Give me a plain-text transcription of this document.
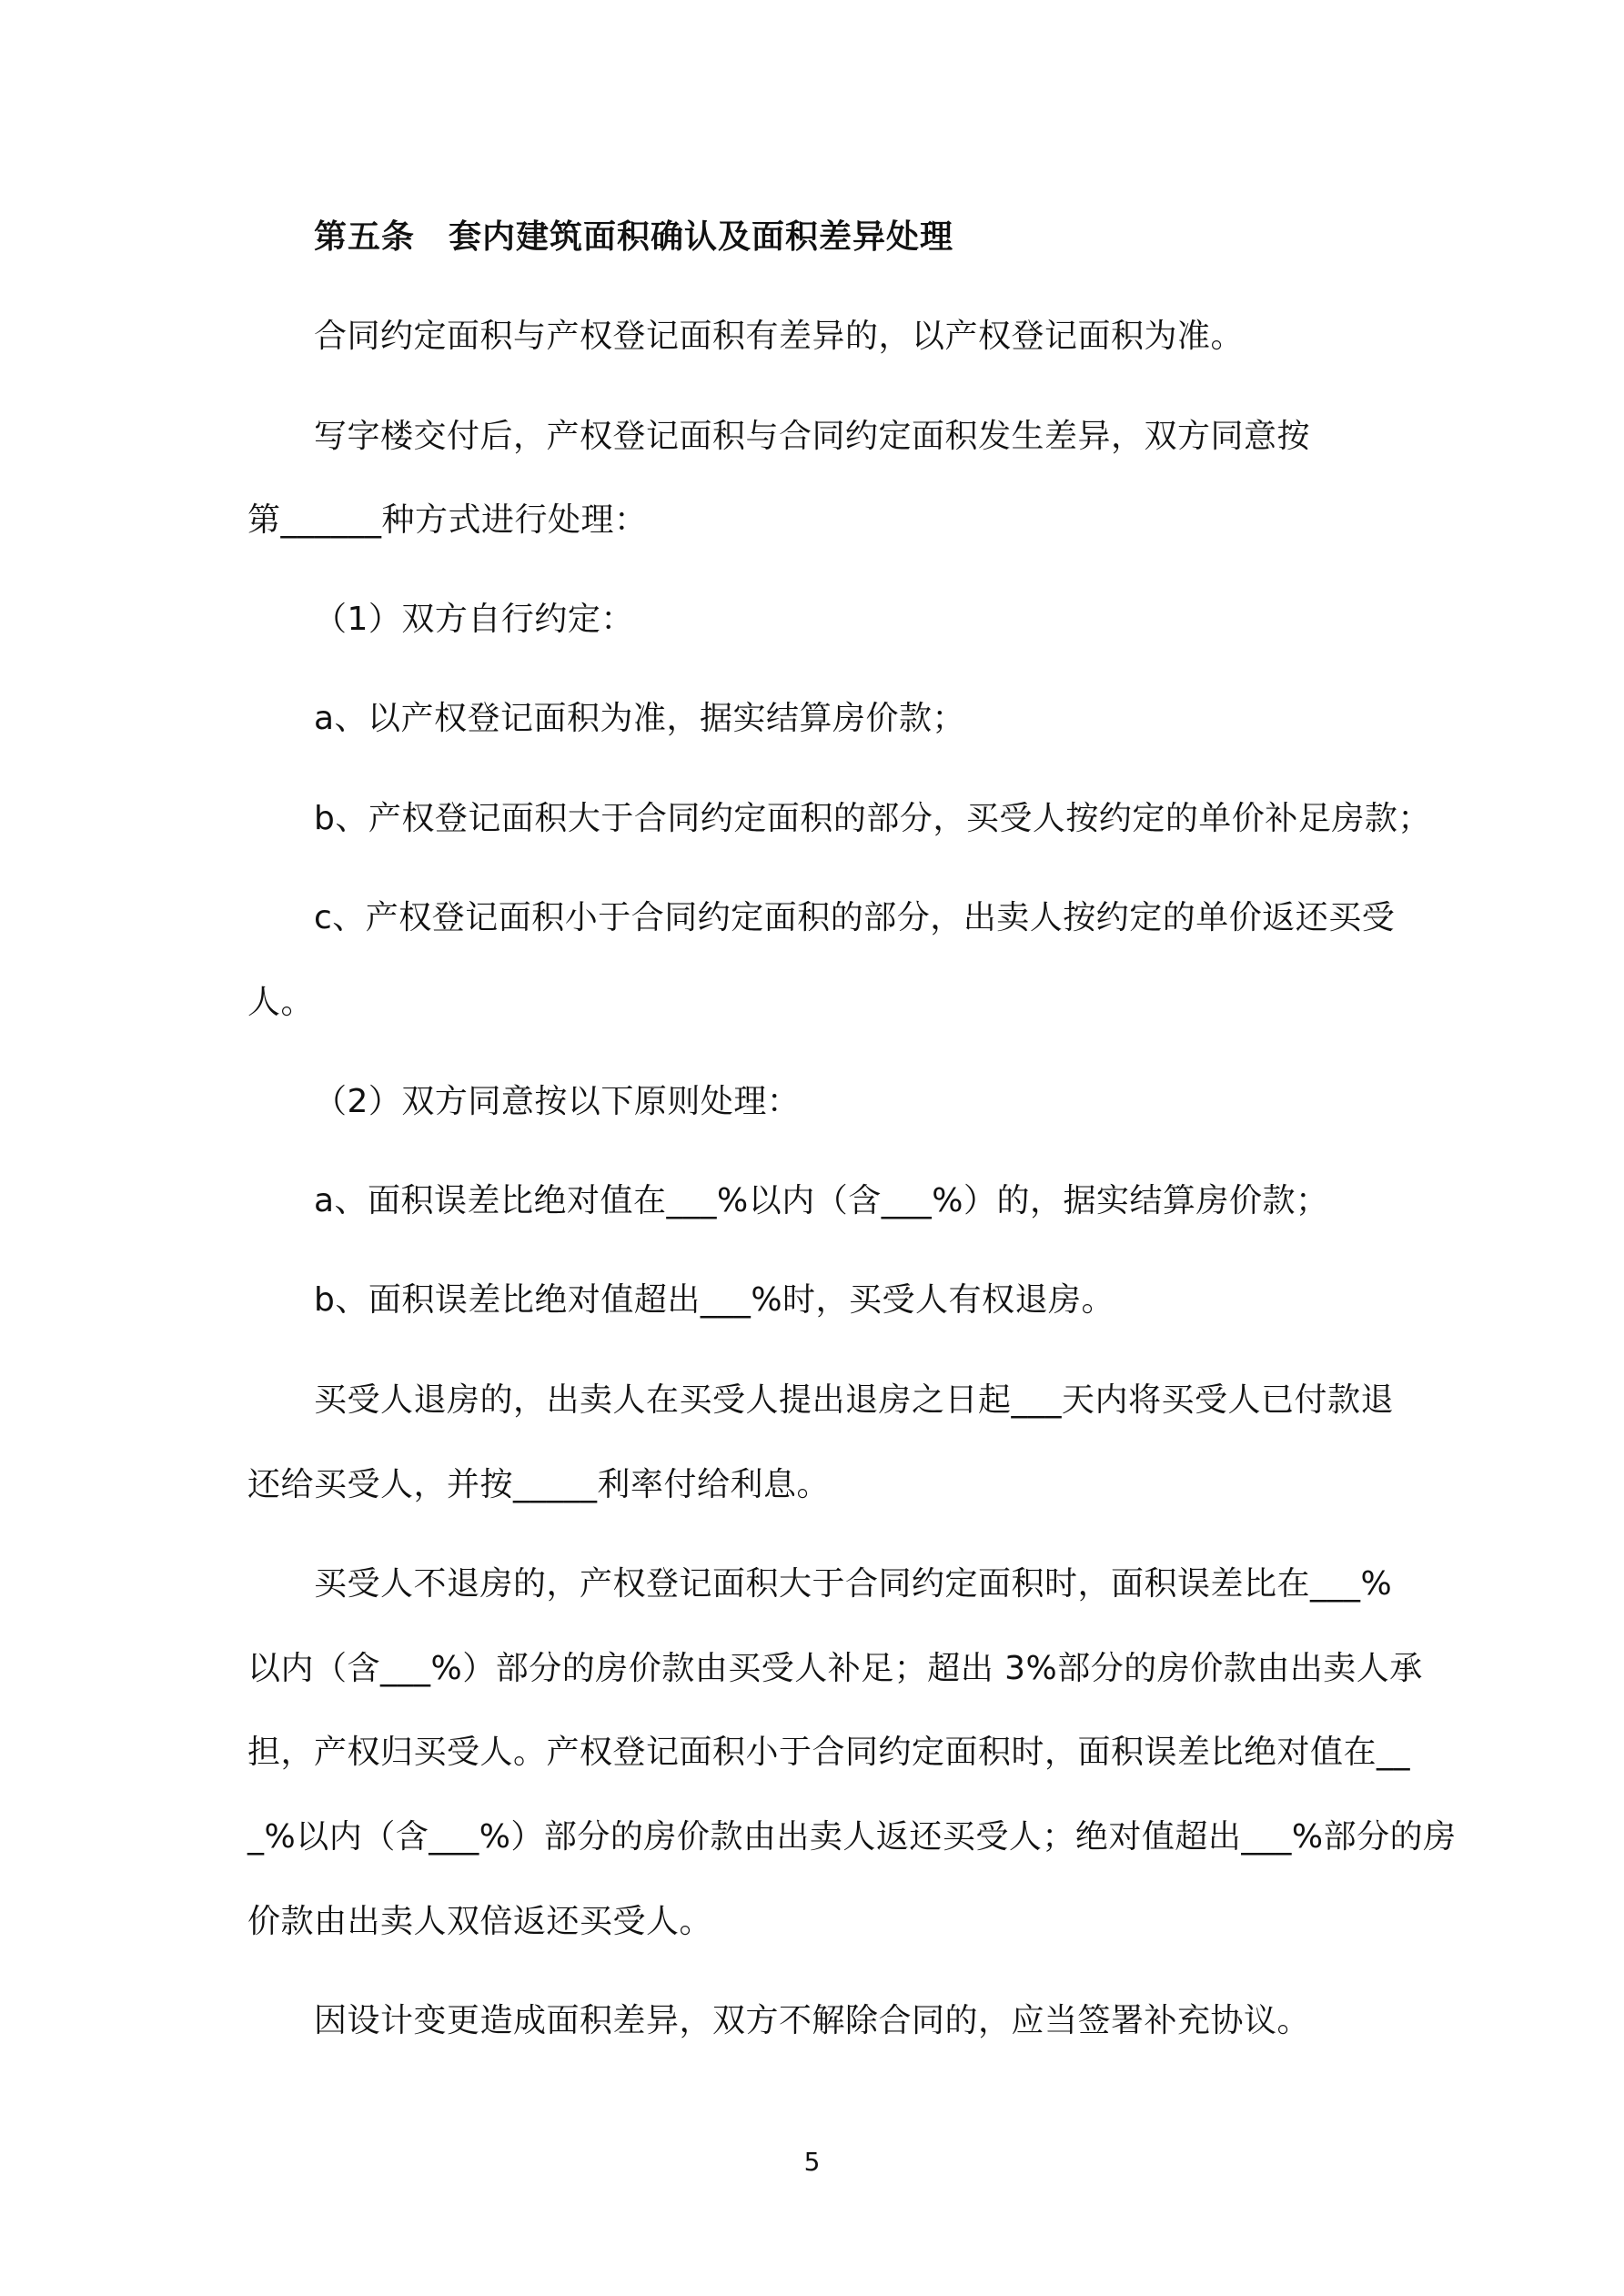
第五条　套内建筑面积确认及面积差异处理
合同约定面积与产权登记面积有差异的，以产权登记面积为准。
写字楼交付后，产权登记面积与合同约定面积发生差异，双方同意按
第______种方式进行处理：
（1）双方自行约定：
a、以产权登记面积为准，据实结算房价款；
b、产权登记面积大于合同约定面积的部分，买受人按约定的单价补足房款；
c、产权登记面积小于合同约定面积的部分，出卖人按约定的单价返还买受
人。
（2）双方同意按以下原则处理：
a、面积误差比绝对值在___%以内（含___%）的，据实结算房价款；
b、面积误差比绝对值超出___%时，买受人有权退房。
买受人退房的，出卖人在买受人提出退房之日起___天内将买受人已付款退
还给买受人，并按_____利率付给利息。
买受人不退房的，产权登记面积大于合同约定面积时，面积误差比在___%
以内（含___%）部分的房价款由买受人补足；超出 3%部分的房价款由出卖人承
担，产权归买受人。产权登记面积小于合同约定面积时，面积误差比绝对值在__
_%以内（含___%）部分的房价款由出卖人返还买受人；绝对值超出___%部分的房
价款由出卖人双倍返还买受人。
因设计变更造成面积差异，双方不解除合同的，应当签署补充协议。
5
